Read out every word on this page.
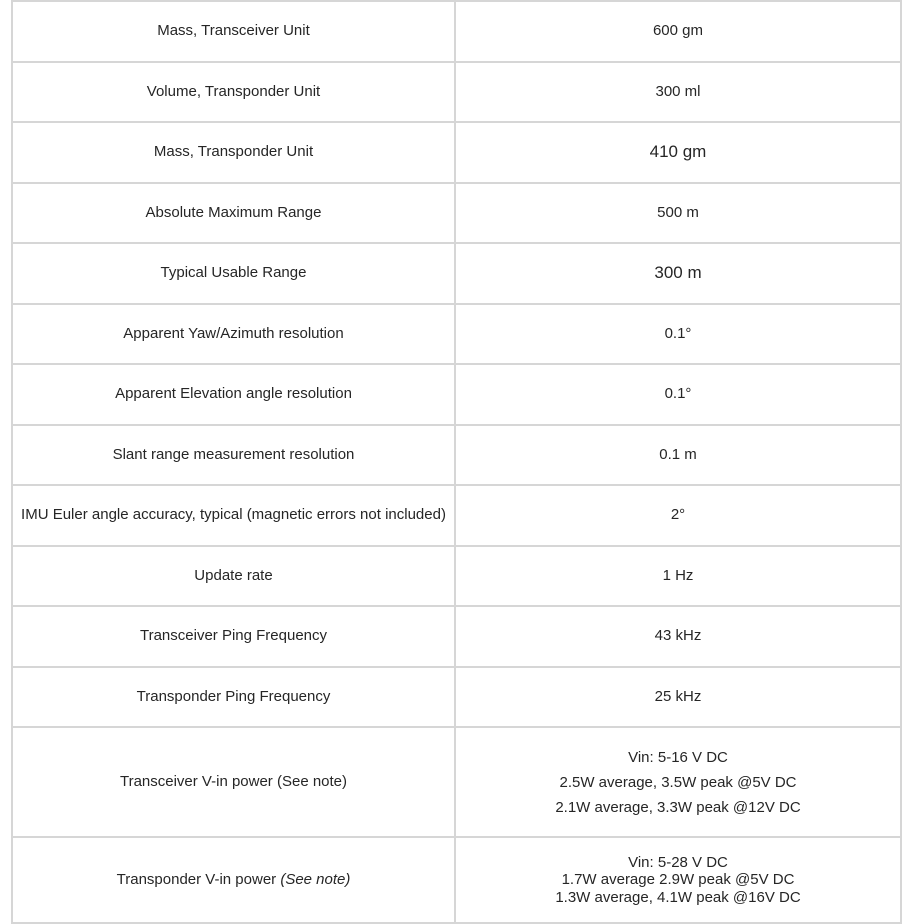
Mass, Transceiver Unit	600 gm
Volume, Transponder Unit	300 ml
Mass, Transponder Unit	410 gm
Absolute Maximum Range	500 m
Typical Usable Range	300 m
Apparent Yaw/Azimuth resolution	0.1°
Apparent Elevation angle resolution	0.1°
Slant range measurement resolution	0.1 m
IMU Euler angle accuracy, typical (magnetic errors not included)	2°
Update rate	1 Hz
Transceiver Ping Frequency	43 kHz
Transponder Ping Frequency	25 kHz
Transceiver V-in power (See note)	Vin: 5-16 V DC
2.5W average, 3.5W peak @5V DC
2.1W average, 3.3W peak @12V DC

Transponder V-in power (See note)	Vin: 5-28 V DC
1.7W average 2.9W peak @5V DC
1.3W average, 4.1W peak @16V DC
